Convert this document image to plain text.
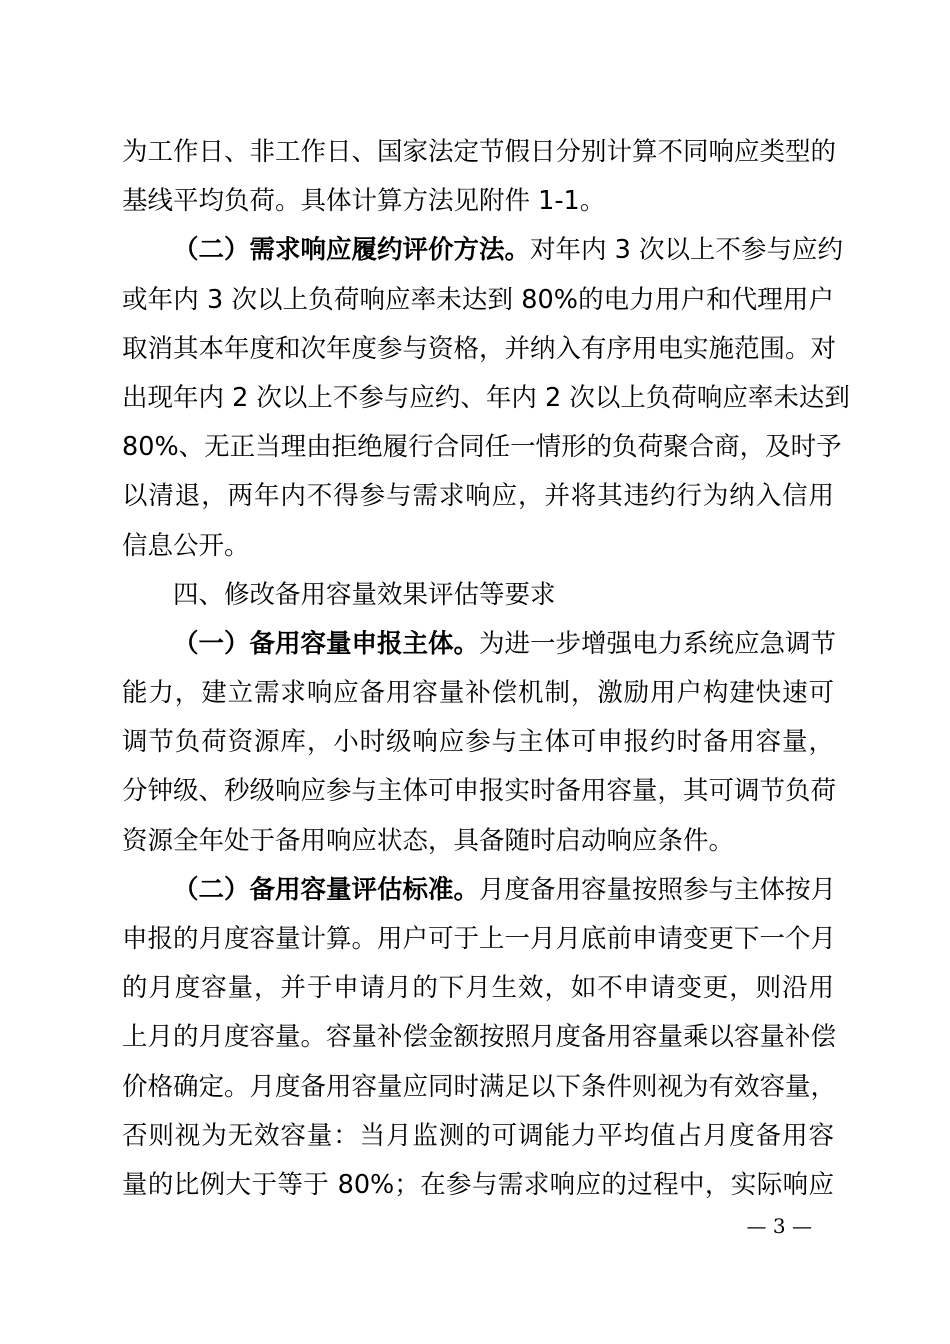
为工作日、非工作日、国家法定节假日分别计算不同响应类型的
基线平均负荷。具体计算方法见附件 1-1。
（二）需求响应履约评价方法。对年内 3 次以上不参与应约
或年内 3 次以上负荷响应率未达到 80%的电力用户和代理用户
取消其本年度和次年度参与资格，并纳入有序用电实施范围。对
出现年内 2 次以上不参与应约、年内 2 次以上负荷响应率未达到
80%、无正当理由拒绝履行合同任一情形的负荷聚合商，及时予
以清退，两年内不得参与需求响应，并将其违约行为纳入信用
信息公开。
四、修改备用容量效果评估等要求
（一）备用容量申报主体。为进一步增强电力系统应急调节
能力，建立需求响应备用容量补偿机制，激励用户构建快速可
调节负荷资源库，小时级响应参与主体可申报约时备用容量，
分钟级、秒级响应参与主体可申报实时备用容量，其可调节负荷
资源全年处于备用响应状态，具备随时启动响应条件。
（二）备用容量评估标准。月度备用容量按照参与主体按月
申报的月度容量计算。用户可于上一月月底前申请变更下一个月
的月度容量，并于申请月的下月生效，如不申请变更，则沿用
上月的月度容量。容量补偿金额按照月度备用容量乘以容量补偿
价格确定。月度备用容量应同时满足以下条件则视为有效容量，
否则视为无效容量：当月监测的可调能力平均值占月度备用容
量的比例大于等于 80%；在参与需求响应的过程中，实际响应
— 3 —
